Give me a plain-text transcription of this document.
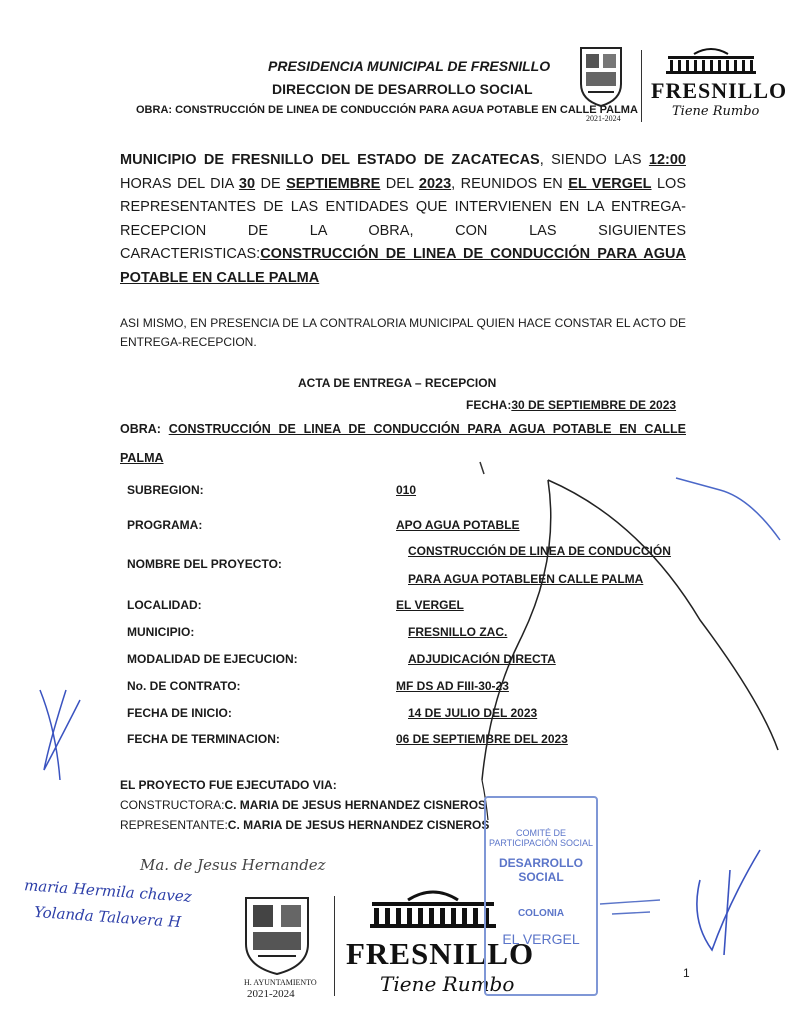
PRESIDENCIA MUNICIPAL DE FRESNILLO
DIRECCION DE DESARROLLO SOCIAL
OBRA: CONSTRUCCIÓN DE LINEA DE CONDUCCIÓN PARA AGUA POTABLE EN CALLE PALMA
2021-2024
FRESNILLO
Tiene Rumbo
MUNICIPIO DE FRESNILLO DEL ESTADO DE ZACATECAS, SIENDO LAS 12:00 HORAS DEL DIA 30 DE SEPTIEMBRE DEL 2023, REUNIDOS EN EL VERGEL LOS REPRESENTANTES DE LAS ENTIDADES QUE INTERVIENEN EN LA ENTREGA-RECEPCION DE LA OBRA, CON LAS SIGUIENTES CARACTERISTICAS:CONSTRUCCIÓN DE LINEA DE CONDUCCIÓN PARA AGUA POTABLE EN CALLE PALMA
ASI MISMO, EN PRESENCIA DE LA CONTRALORIA MUNICIPAL QUIEN HACE CONSTAR EL ACTO DE ENTREGA-RECEPCION.
ACTA DE ENTREGA – RECEPCION
FECHA:30 DE SEPTIEMBRE DE 2023
OBRA: CONSTRUCCIÓN DE LINEA DE CONDUCCIÓN PARA AGUA POTABLE EN CALLE PALMA
SUBREGION:	010
PROGRAMA:	APO AGUA POTABLE
NOMBRE DEL PROYECTO:
CONSTRUCCIÓN DE LINEA DE CONDUCCIÓN
PARA AGUA POTABLEEN CALLE PALMA
LOCALIDAD:	EL VERGEL
MUNICIPIO:	FRESNILLO ZAC.
MODALIDAD DE EJECUCION:	ADJUDICACIÓN DIRECTA
No. DE CONTRATO:	MF DS AD FIII-30-23
FECHA DE INICIO:	14 DE JULIO DEL 2023
FECHA DE TERMINACION:	06 DE SEPTIEMBRE DEL 2023
EL PROYECTO FUE EJECUTADO VIA:
CONSTRUCTORA:C. MARIA DE JESUS HERNANDEZ CISNEROS
REPRESENTANTE:C. MARIA DE JESUS HERNANDEZ CISNEROS
Ma. de Jesus Hernandez
maria Hermila chavez
Yolanda Talavera H
H. AYUNTAMIENTO
2021-2024
FRESNILLO
Tiene Rumbo
COMITÉ DE PARTICIPACIÓN SOCIAL
DESARROLLO SOCIAL
COLONIA
EL VERGEL
1
